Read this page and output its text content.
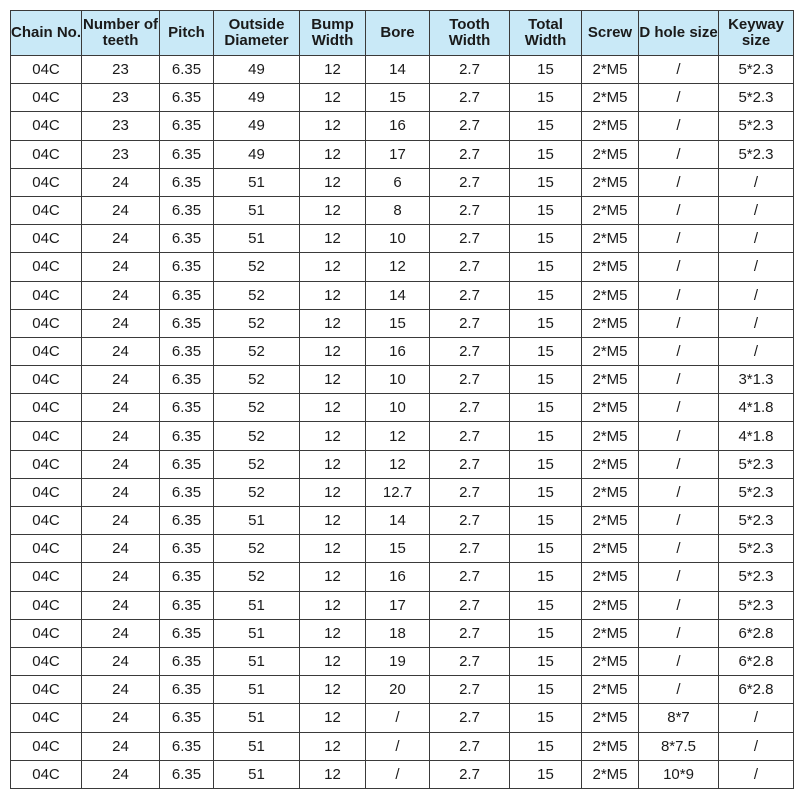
Chain No.	Number of teeth	Pitch	Outside Diameter	Bump Width	Bore	Tooth Width	Total Width	Screw	D hole size	Keyway size
04C	23	6.35	49	12	14	2.7	15	2*M5	/	5*2.3
04C	23	6.35	49	12	15	2.7	15	2*M5	/	5*2.3
04C	23	6.35	49	12	16	2.7	15	2*M5	/	5*2.3
04C	23	6.35	49	12	17	2.7	15	2*M5	/	5*2.3
04C	24	6.35	51	12	6	2.7	15	2*M5	/	/
04C	24	6.35	51	12	8	2.7	15	2*M5	/	/
04C	24	6.35	51	12	10	2.7	15	2*M5	/	/
04C	24	6.35	52	12	12	2.7	15	2*M5	/	/
04C	24	6.35	52	12	14	2.7	15	2*M5	/	/
04C	24	6.35	52	12	15	2.7	15	2*M5	/	/
04C	24	6.35	52	12	16	2.7	15	2*M5	/	/
04C	24	6.35	52	12	10	2.7	15	2*M5	/	3*1.3
04C	24	6.35	52	12	10	2.7	15	2*M5	/	4*1.8
04C	24	6.35	52	12	12	2.7	15	2*M5	/	4*1.8
04C	24	6.35	52	12	12	2.7	15	2*M5	/	5*2.3
04C	24	6.35	52	12	12.7	2.7	15	2*M5	/	5*2.3
04C	24	6.35	51	12	14	2.7	15	2*M5	/	5*2.3
04C	24	6.35	52	12	15	2.7	15	2*M5	/	5*2.3
04C	24	6.35	52	12	16	2.7	15	2*M5	/	5*2.3
04C	24	6.35	51	12	17	2.7	15	2*M5	/	5*2.3
04C	24	6.35	51	12	18	2.7	15	2*M5	/	6*2.8
04C	24	6.35	51	12	19	2.7	15	2*M5	/	6*2.8
04C	24	6.35	51	12	20	2.7	15	2*M5	/	6*2.8
04C	24	6.35	51	12	/	2.7	15	2*M5	8*7	/
04C	24	6.35	51	12	/	2.7	15	2*M5	8*7.5	/
04C	24	6.35	51	12	/	2.7	15	2*M5	10*9	/
